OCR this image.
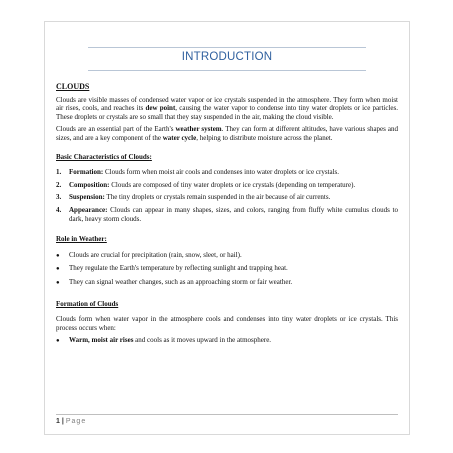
INTRODUCTION
CLOUDS

Clouds are visible masses of condensed water vapor or ice crystals suspended in the atmosphere. They form when moist air rises, cools, and reaches its dew point, causing the water vapor to condense into tiny water droplets or ice particles. These droplets or crystals are so small that they stay suspended in the air, making the cloud visible.

Clouds are an essential part of the Earth's weather system. They can form at different altitudes, have various shapes and sizes, and are a key component of the water cycle, helping to distribute moisture across the planet.

Basic Characteristics of Clouds:
1.	Formation: Clouds form when moist air cools and condenses into water droplets or ice crystals.
2.	Composition: Clouds are composed of tiny water droplets or ice crystals (depending on temperature).
3.	Suspension: The tiny droplets or crystals remain suspended in the air because of air currents.
4.	Appearance: Clouds can appear in many shapes, sizes, and colors, ranging from fluffy white cumulus clouds to dark, heavy storm clouds.
Role in Weather:
●	Clouds are crucial for precipitation (rain, snow, sleet, or hail).
●	They regulate the Earth's temperature by reflecting sunlight and trapping heat.
●	They can signal weather changes, such as an approaching storm or fair weather.
Formation of Clouds

Clouds form when water vapor in the atmosphere cools and condenses into tiny water droplets or ice crystals. This process occurs when:

●	Warm, moist air rises and cools as it moves upward in the atmosphere.
1 | Page
